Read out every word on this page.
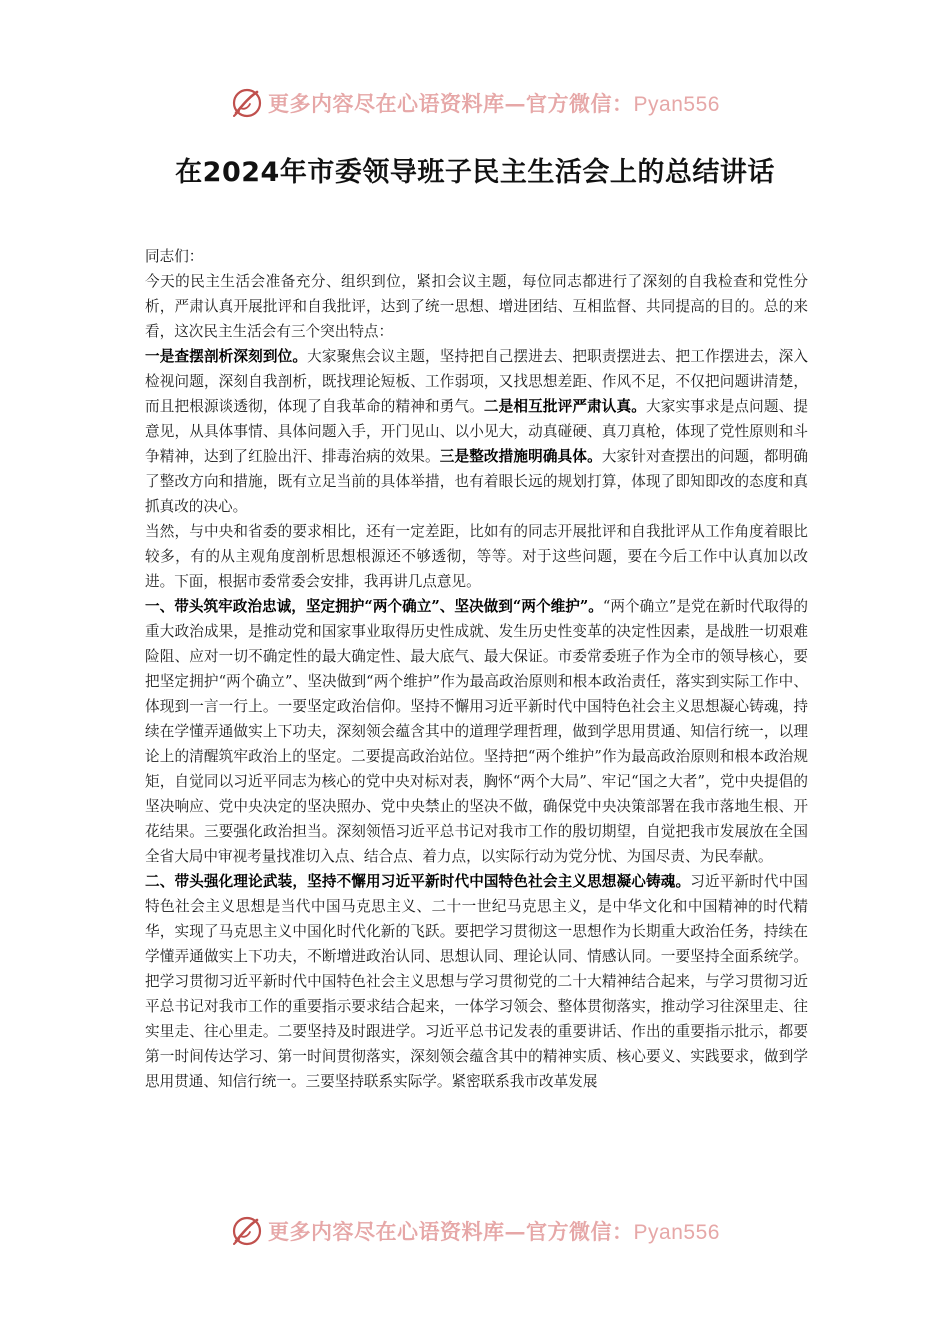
更多内容尽在心语资料库—官方微信：Pyan556
在2024年市委领导班子民主生活会上的总结讲话

同志们：

今天的民主生活会准备充分、组织到位，紧扣会议主题，每位同志都进行了深刻的自我检查和党性分析，严肃认真开展批评和自我批评，达到了统一思想、增进团结、互相监督、共同提高的目的。总的来看，这次民主生活会有三个突出特点：

一是查摆剖析深刻到位。大家聚焦会议主题，坚持把自己摆进去、把职责摆进去、把工作摆进去，深入检视问题，深刻自我剖析，既找理论短板、工作弱项，又找思想差距、作风不足，不仅把问题讲清楚，而且把根源谈透彻，体现了自我革命的精神和勇气。二是相互批评严肃认真。大家实事求是点问题、提意见，从具体事情、具体问题入手，开门见山、以小见大，动真碰硬、真刀真枪，体现了党性原则和斗争精神，达到了红脸出汗、排毒治病的效果。三是整改措施明确具体。大家针对查摆出的问题，都明确了整改方向和措施，既有立足当前的具体举措，也有着眼长远的规划打算，体现了即知即改的态度和真抓真改的决心。

当然，与中央和省委的要求相比，还有一定差距，比如有的同志开展批评和自我批评从工作角度着眼比较多，有的从主观角度剖析思想根源还不够透彻，等等。对于这些问题，要在今后工作中认真加以改进。下面，根据市委常委会安排，我再讲几点意见。

一、带头筑牢政治忠诚，坚定拥护“两个确立”、坚决做到“两个维护”。“两个确立”是党在新时代取得的重大政治成果，是推动党和国家事业取得历史性成就、发生历史性变革的决定性因素，是战胜一切艰难险阻、应对一切不确定性的最大确定性、最大底气、最大保证。市委常委班子作为全市的领导核心，要把坚定拥护“两个确立”、坚决做到“两个维护”作为最高政治原则和根本政治责任，落实到实际工作中、体现到一言一行上。一要坚定政治信仰。坚持不懈用习近平新时代中国特色社会主义思想凝心铸魂，持续在学懂弄通做实上下功夫，深刻领会蕴含其中的道理学理哲理，做到学思用贯通、知信行统一，以理论上的清醒筑牢政治上的坚定。二要提高政治站位。坚持把“两个维护”作为最高政治原则和根本政治规矩，自觉同以习近平同志为核心的党中央对标对表，胸怀“两个大局”、牢记“国之大者”，党中央提倡的坚决响应、党中央决定的坚决照办、党中央禁止的坚决不做，确保党中央决策部署在我市落地生根、开花结果。三要强化政治担当。深刻领悟习近平总书记对我市工作的殷切期望，自觉把我市发展放在全国全省大局中审视考量找准切入点、结合点、着力点，以实际行动为党分忧、为国尽责、为民奉献。

二、带头强化理论武装，坚持不懈用习近平新时代中国特色社会主义思想凝心铸魂。习近平新时代中国特色社会主义思想是当代中国马克思主义、二十一世纪马克思主义，是中华文化和中国精神的时代精华，实现了马克思主义中国化时代化新的飞跃。要把学习贯彻这一思想作为长期重大政治任务，持续在学懂弄通做实上下功夫，不断增进政治认同、思想认同、理论认同、情感认同。一要坚持全面系统学。把学习贯彻习近平新时代中国特色社会主义思想与学习贯彻党的二十大精神结合起来，与学习贯彻习近平总书记对我市工作的重要指示要求结合起来，一体学习领会、整体贯彻落实，推动学习往深里走、往实里走、往心里走。二要坚持及时跟进学。习近平总书记发表的重要讲话、作出的重要指示批示，都要第一时间传达学习、第一时间贯彻落实，深刻领会蕴含其中的精神实质、核心要义、实践要求，做到学思用贯通、知信行统一。三要坚持联系实际学。紧密联系我市改革发展

更多内容尽在心语资料库—官方微信：Pyan556
